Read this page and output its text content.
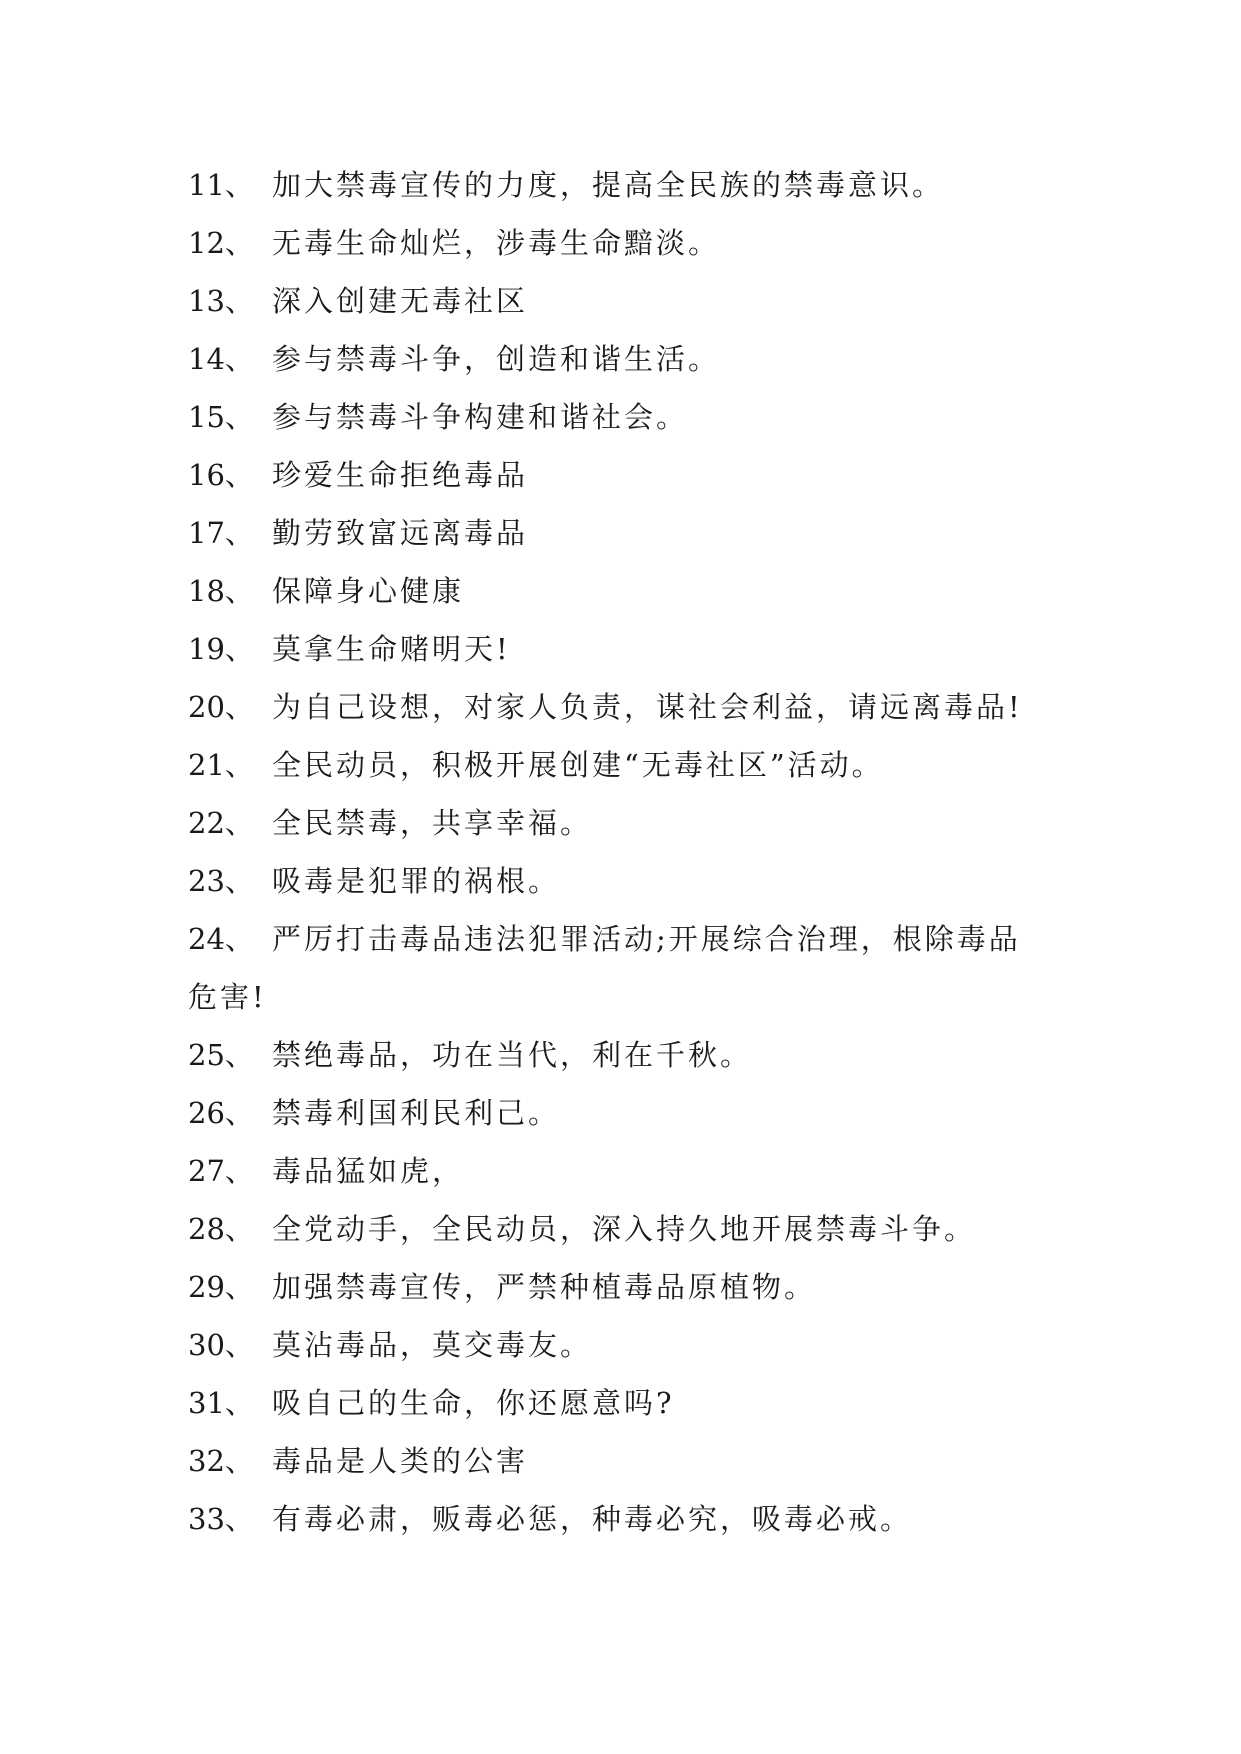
11、 加大禁毒宣传的力度，提高全民族的禁毒意识。
12、 无毒生命灿烂，涉毒生命黯淡。
13、 深入创建无毒社区
14、 参与禁毒斗争，创造和谐生活。
15、 参与禁毒斗争构建和谐社会。
16、 珍爱生命拒绝毒品
17、 勤劳致富远离毒品
18、 保障身心健康
19、 莫拿生命赌明天!
20、 为自己设想，对家人负责，谋社会利益，请远离毒品!
21、 全民动员，积极开展创建“无毒社区”活动。
22、 全民禁毒，共享幸福。
23、 吸毒是犯罪的祸根。
24、 严厉打击毒品违法犯罪活动;开展综合治理，根除毒品
危害!
25、 禁绝毒品，功在当代，利在千秋。
26、 禁毒利国利民利己。
27、 毒品猛如虎，
28、 全党动手，全民动员，深入持久地开展禁毒斗争。
29、 加强禁毒宣传，严禁种植毒品原植物。
30、 莫沾毒品，莫交毒友。
31、 吸自己的生命，你还愿意吗?
32、 毒品是人类的公害
33、 有毒必肃，贩毒必惩，种毒必究，吸毒必戒。
